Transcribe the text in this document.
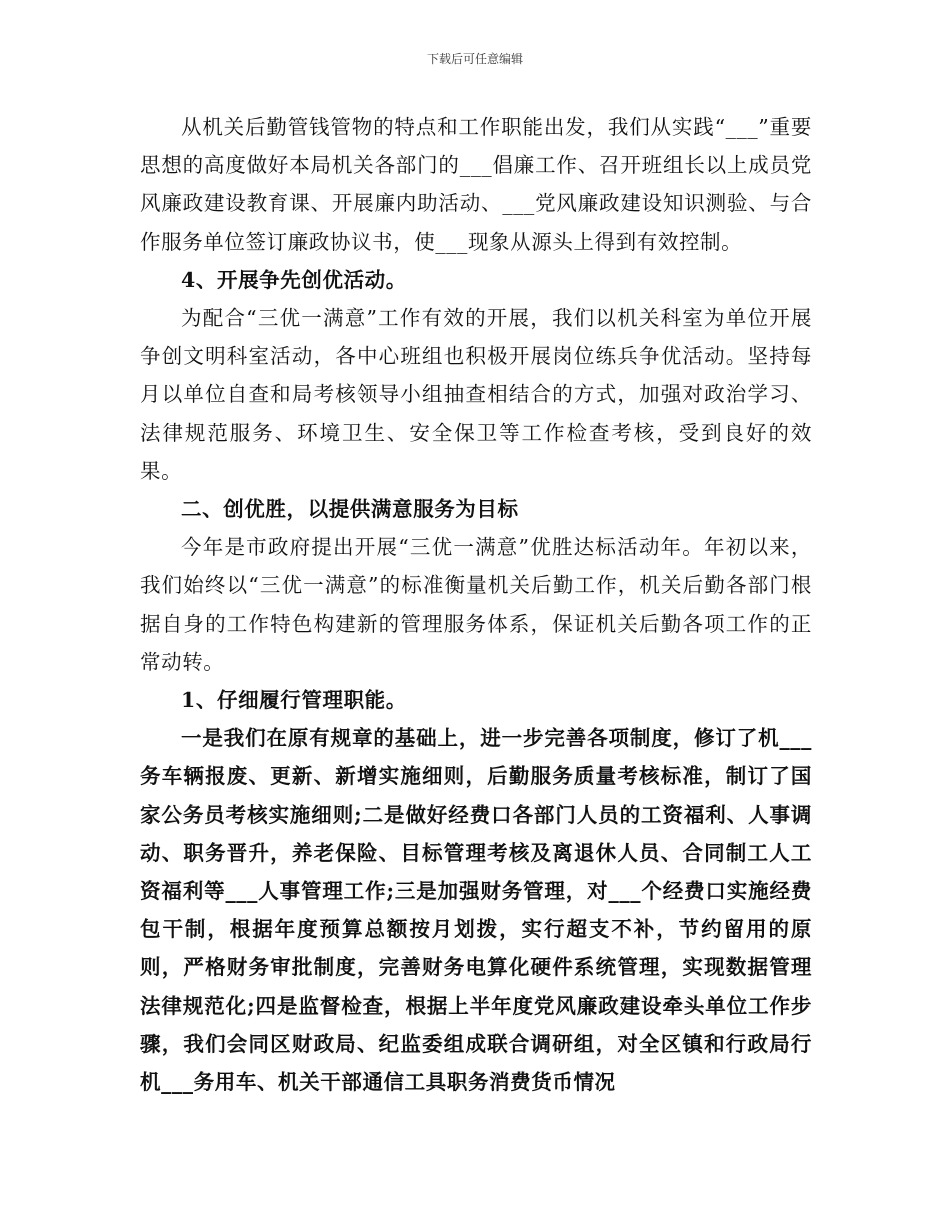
下载后可任意编辑

从机关后勤管钱管物的特点和工作职能出发，我们从实践“___”重要思想的高度做好本局机关各部门的___倡廉工作、召开班组长以上成员党风廉政建设教育课、开展廉内助活动、___党风廉政建设知识测验、与合作服务单位签订廉政协议书，使___现象从源头上得到有效控制。

4、开展争先创优活动。

为配合“三优一满意”工作有效的开展，我们以机关科室为单位开展争创文明科室活动，各中心班组也积极开展岗位练兵争优活动。坚持每月以单位自查和局考核领导小组抽查相结合的方式，加强对政治学习、法律规范服务、环境卫生、安全保卫等工作检查考核，受到良好的效果。

二、创优胜，以提供满意服务为目标

今年是市政府提出开展“三优一满意”优胜达标活动年。年初以来，我们始终以“三优一满意”的标准衡量机关后勤工作，机关后勤各部门根据自身的工作特色构建新的管理服务体系，保证机关后勤各项工作的正常动转。

1、仔细履行管理职能。

一是我们在原有规章的基础上，进一步完善各项制度，修订了机___务车辆报废、更新、新增实施细则，后勤服务质量考核标准，制订了国家公务员考核实施细则;二是做好经费口各部门人员的工资福利、人事调动、职务晋升，养老保险、目标管理考核及离退休人员、合同制工人工资福利等___人事管理工作;三是加强财务管理，对___个经费口实施经费包干制，根据年度预算总额按月划拨，实行超支不补，节约留用的原则，严格财务审批制度，完善财务电算化硬件系统管理，实现数据管理法律规范化;四是监督检查，根据上半年度党风廉政建设牵头单位工作步骤，我们会同区财政局、纪监委组成联合调研组，对全区镇和行政局行机___务用车、机关干部通信工具职务消费货币情况
